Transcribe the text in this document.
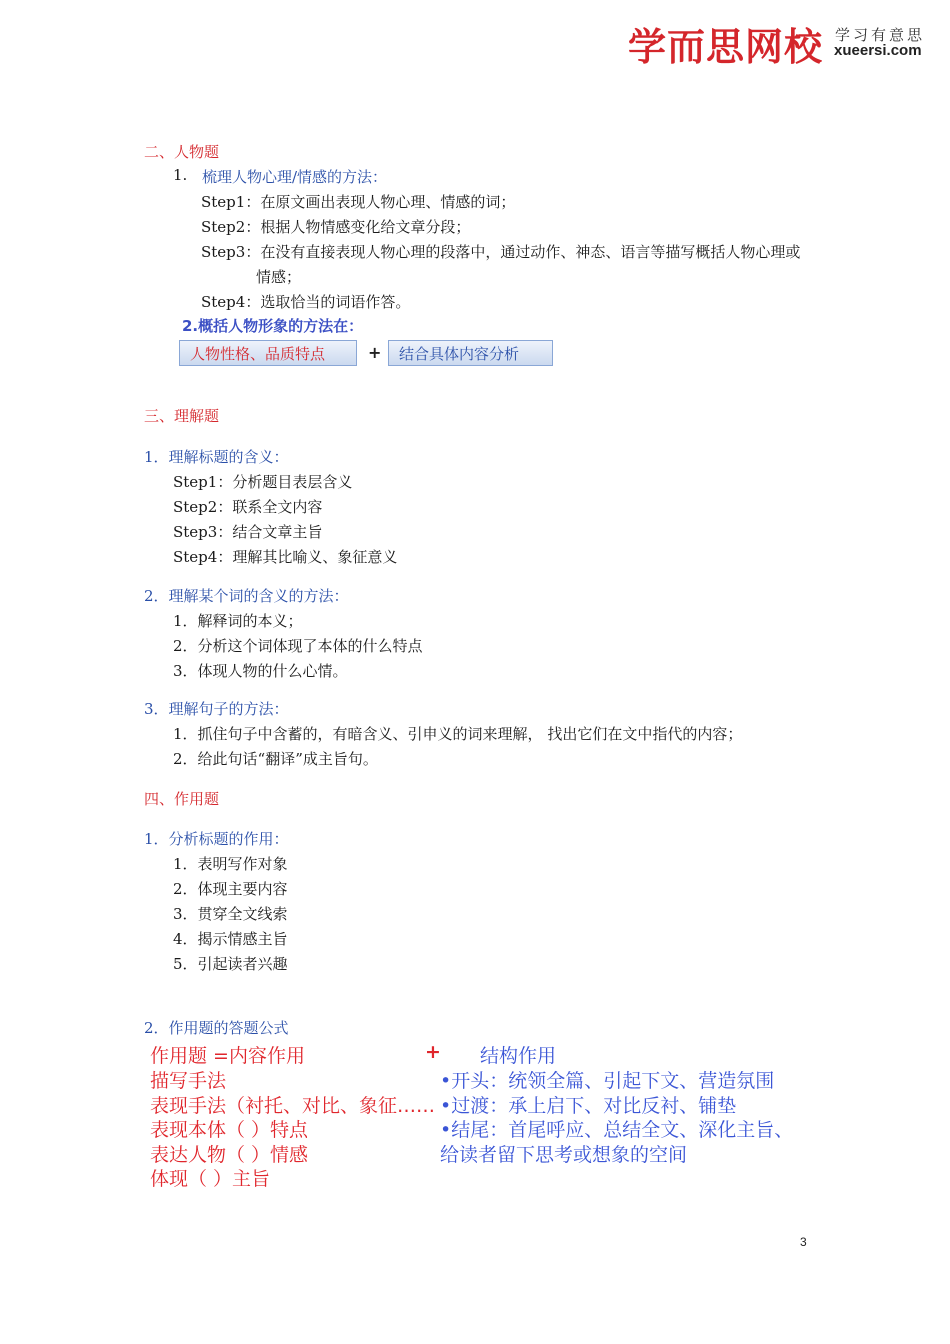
学而思网校 学习有意思
xueersi.com
二、人物题
1. 梳理人物心理/情感的方法：
Step1：在原文画出表现人物心理、情感的词；
Step2：根据人物情感变化给文章分段；
Step3：在没有直接表现人物心理的段落中，通过动作、神态、语言等描写概括人物心理或
情感；
Step4：选取恰当的词语作答。
2.概括人物形象的方法在：
人物性格、品质特点	+	结合具体内容分析
三、理解题
1．理解标题的含义：
Step1：分析题目表层含义
Step2：联系全文内容
Step3：结合文章主旨
Step4：理解其比喻义、象征意义
2．理解某个词的含义的方法：
1．解释词的本义；
2．分析这个词体现了本体的什么特点
3．体现人物的什么心情。
3．理解句子的方法：
1．抓住句子中含蓄的，有暗含义、引申义的词来理解， 找出它们在文中指代的内容；
2．给此句话“翻译”成主旨句。
四、作用题
1．分析标题的作用：
1．表明写作对象
2．体现主要内容
3．贯穿全文线索
4．揭示情感主旨
5．引起读者兴趣
2．作用题的答题公式
作用题 =内容作用
描写手法
表现手法（衬托、对比、象征……
表现本体（ ）特点
表达人物（ ）情感
体现（ ）主旨
+ 结构作用
•开头：统领全篇、引起下文、营造氛围
•过渡：承上启下、对比反衬、铺垫
•结尾：首尾呼应、总结全文、深化主旨、
给读者留下思考或想象的空间
3
